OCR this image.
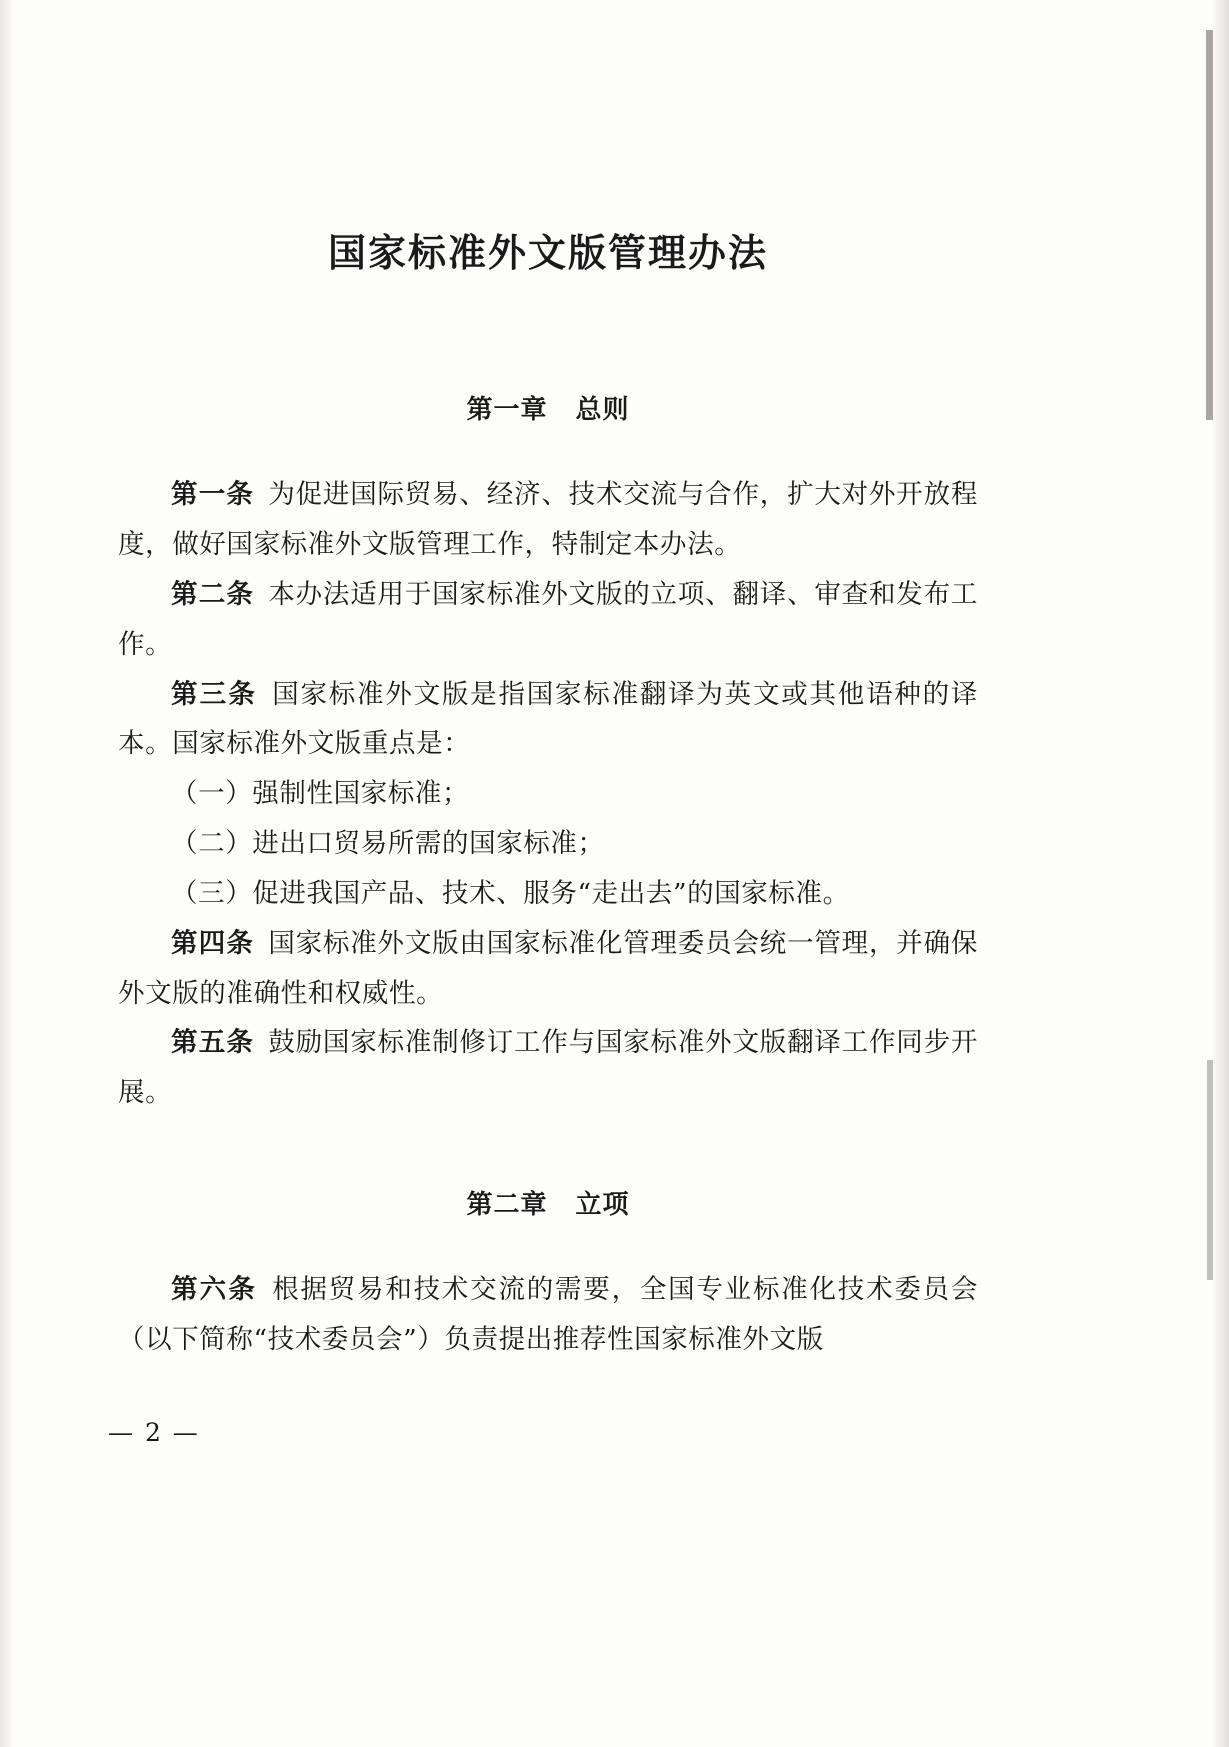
国家标准外文版管理办法
第一章 总则

第一条 为促进国际贸易、经济、技术交流与合作，扩大对外开放程度，做好国家标准外文版管理工作，特制定本办法。

第二条 本办法适用于国家标准外文版的立项、翻译、审查和发布工作。

第三条 国家标准外文版是指国家标准翻译为英文或其他语种的译本。国家标准外文版重点是：

（一）强制性国家标准；

（二）进出口贸易所需的国家标准；

（三）促进我国产品、技术、服务“走出去”的国家标准。

第四条 国家标准外文版由国家标准化管理委员会统一管理，并确保外文版的准确性和权威性。

第五条 鼓励国家标准制修订工作与国家标准外文版翻译工作同步开展。

第二章 立项

第六条 根据贸易和技术交流的需要，全国专业标准化技术委员会（以下简称“技术委员会”）负责提出推荐性国家标准外文版

— 2 —
